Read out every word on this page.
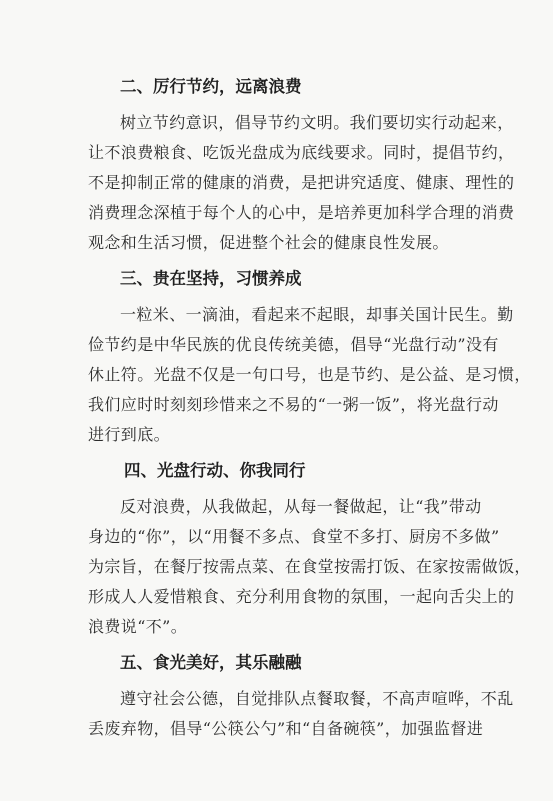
二、厉行节约，远离浪费
树立节约意识，倡导节约文明。我们要切实行动起来，
让不浪费粮食、吃饭光盘成为底线要求。同时，提倡节约，
不是抑制正常的健康的消费，是把讲究适度、健康、理性的
消费理念深植于每个人的心中，是培养更加科学合理的消费
观念和生活习惯，促进整个社会的健康良性发展。
三、贵在坚持，习惯养成
一粒米、一滴油，看起来不起眼，却事关国计民生。勤
俭节约是中华民族的优良传统美德，倡导“光盘行动”没有
休止符。光盘不仅是一句口号，也是节约、是公益、是习惯，
我们应时时刻刻珍惜来之不易的“一粥一饭”，将光盘行动
进行到底。
四、光盘行动、你我同行
反对浪费，从我做起，从每一餐做起，让“我”带动
身边的“你”，以“用餐不多点、食堂不多打、厨房不多做”
为宗旨，在餐厅按需点菜、在食堂按需打饭、在家按需做饭，
形成人人爱惜粮食、充分利用食物的氛围，一起向舌尖上的
浪费说“不”。
五、食光美好，其乐融融
遵守社会公德，自觉排队点餐取餐，不高声喧哗，不乱
丢废弃物，倡导“公筷公勺”和“自备碗筷”，加强监督进
